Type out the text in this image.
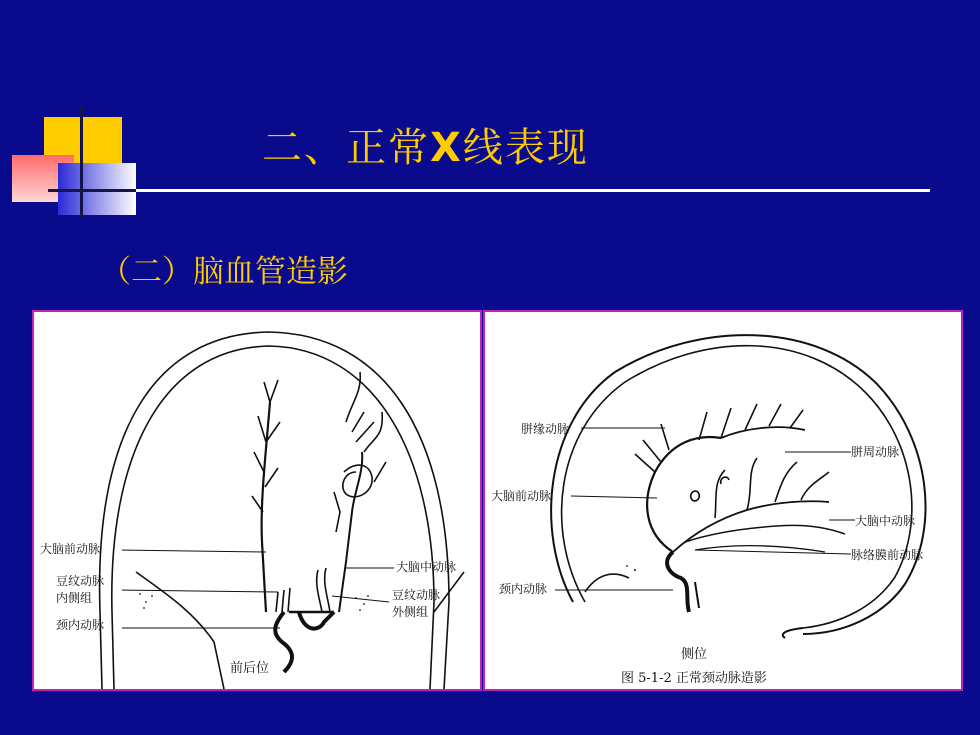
二、正常X线表现
（二）脑血管造影
大脑前动脉
豆纹动脉
内侧组
颈内动脉
大脑中动脉
豆纹动脉
外侧组
前后位
胼缘动脉
胼周动脉
大脑前动脉
大脑中动脉
脉络膜前动脉
颈内动脉
侧位
图 5-1-2 正常颈动脉造影
